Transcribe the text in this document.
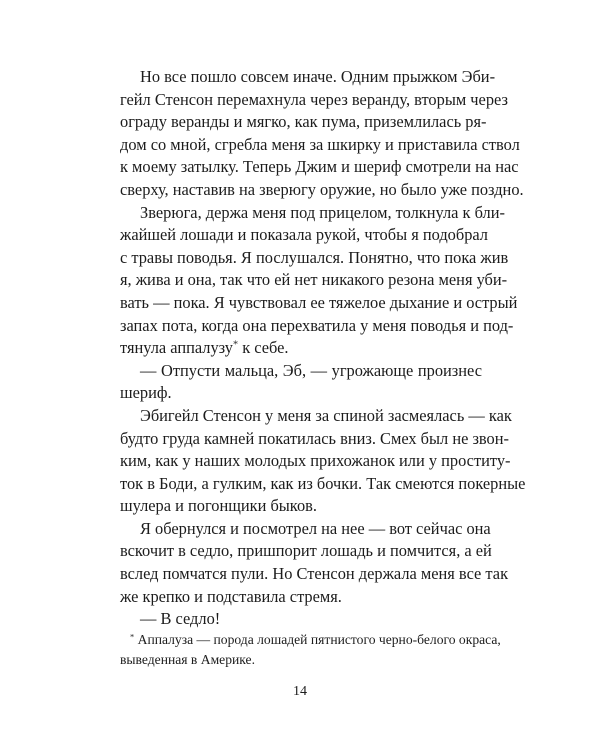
Но все пошло совсем иначе. Одним прыжком Эби-
гейл Стенсон перемахнула через веранду, вторым через
ограду веранды и мягко, как пума, приземлилась ря-
дом со мной, сгребла меня за шкирку и приставила ствол
к моему затылку. Теперь Джим и шериф смотрели на нас
сверху, наставив на зверюгу оружие, но было уже поздно.
Зверюга, держа меня под прицелом, толкнула к бли-
жайшей лошади и показала рукой, чтобы я подобрал
с травы поводья. Я послушался. Понятно, что пока жив
я, жива и она, так что ей нет никакого резона меня уби-
вать — пока. Я чувствовал ее тяжелое дыхание и острый
запах пота, когда она перехватила у меня поводья и под-
тянула аппалузу* к себе.
— Отпусти мальца, Эб, — угрожающе произнес
шериф.
Эбигейл Стенсон у меня за спиной засмеялась — как
будто груда камней покатилась вниз. Смех был не звон-
ким, как у наших молодых прихожанок или у проститу-
ток в Боди, а гулким, как из бочки. Так смеются покерные
шулера и погонщики быков.
Я обернулся и посмотрел на нее — вот сейчас она
вскочит в седло, пришпорит лошадь и помчится, а ей
вслед помчатся пули. Но Стенсон держала меня все так
же крепко и подставила стремя.
— В седло!
* Аппалуза — порода лошадей пятнистого черно-белого окраса,
выведенная в Америке.
14
